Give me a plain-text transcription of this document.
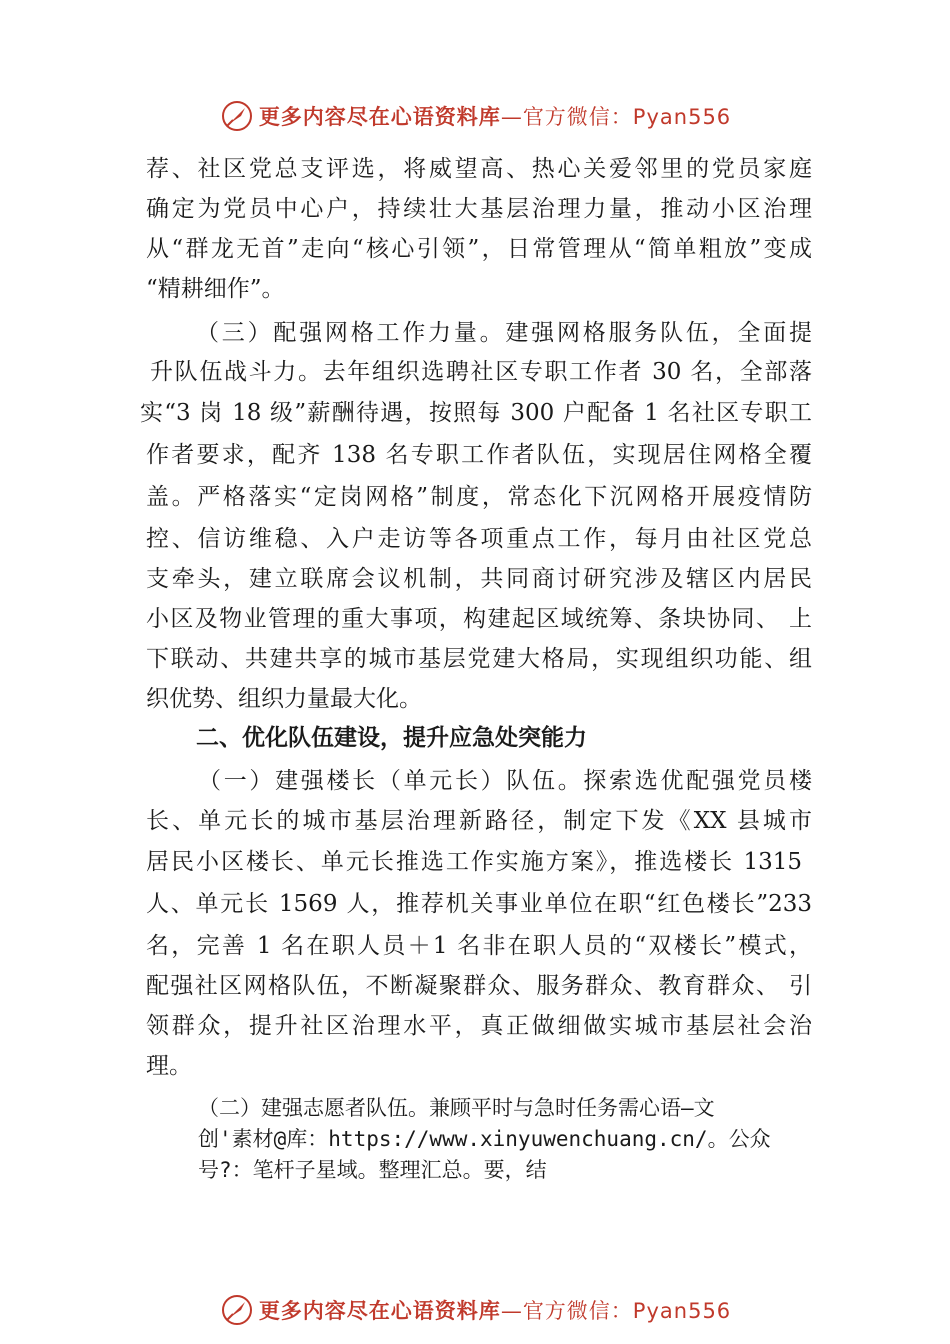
更多内容尽在心语资料库 —官方微信：Pyan556

荐、社区党总支评选，将威望高、热心关爱邻里的党员家庭

确定为党员中心户，持续壮大基层治理力量，推动小区治理

从“群龙无首”走向“核心引领”，日常管理从“简单粗放”变成

“精耕细作”。

（三）配强网格工作力量。建强网格服务队伍，全面提

升队伍战斗力。去年组织选聘社区专职工作者 30 名，全部落

实“3 岗 18 级”薪酬待遇，按照每 300 户配备 1 名社区专职工

作者要求，配齐 138 名专职工作者队伍，实现居住网格全覆

盖。严格落实“定岗网格”制度，常态化下沉网格开展疫情防

控、信访维稳、入户走访等各项重点工作，每月由社区党总

支牵头，建立联席会议机制，共同商讨研究涉及辖区内居民

小区及物业管理的重大事项，构建起区域统筹、条块协同、 上

下联动、共建共享的城市基层党建大格局，实现组织功能、组

织优势、组织力量最大化。

二、优化队伍建设，提升应急处突能力

（一）建强楼长（单元长）队伍。探索选优配强党员楼

长、单元长的城市基层治理新路径，制定下发《XX 县城市

居民小区楼长、单元长推选工作实施方案》，推选楼长 1315

人、单元长 1569 人，推荐机关事业单位在职“红色楼长”233

名，完善 1 名在职人员＋1 名非在职人员的“双楼长”模式，

配强社区网格队伍，不断凝聚群众、服务群众、教育群众、 引

领群众，提升社区治理水平，真正做细做实城市基层社会治

理。

（二）建强志愿者队伍。兼顾平时与急时任务需心语—文

创'素材@库：https://www.xinyuwenchuang.cn/。公众

号?：笔杆子星域。整理汇总。要，结

更多内容尽在心语资料库 —官方微信：Pyan556
